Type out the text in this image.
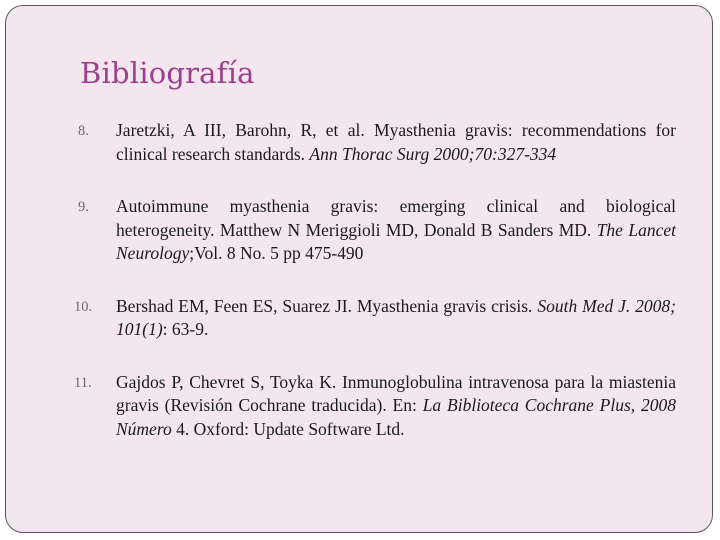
Bibliografía
8. Jaretzki, A III, Barohn, R, et al. Myasthenia gravis: recommendations for clinical research standards. Ann Thorac Surg 2000;70:327-334
9. Autoimmune myasthenia gravis: emerging clinical and biological heterogeneity. Matthew N Meriggioli MD, Donald B Sanders MD. The Lancet Neurology;Vol. 8 No. 5 pp 475-490
10. Bershad EM, Feen ES, Suarez JI. Myasthenia gravis crisis. South Med J. 2008; 101(1): 63-9.
11. Gajdos P, Chevret S, Toyka K. Inmunoglobulina intravenosa para la miastenia gravis (Revisión Cochrane traducida). En: La Biblioteca Cochrane Plus, 2008 Número 4. Oxford: Update Software Ltd.
